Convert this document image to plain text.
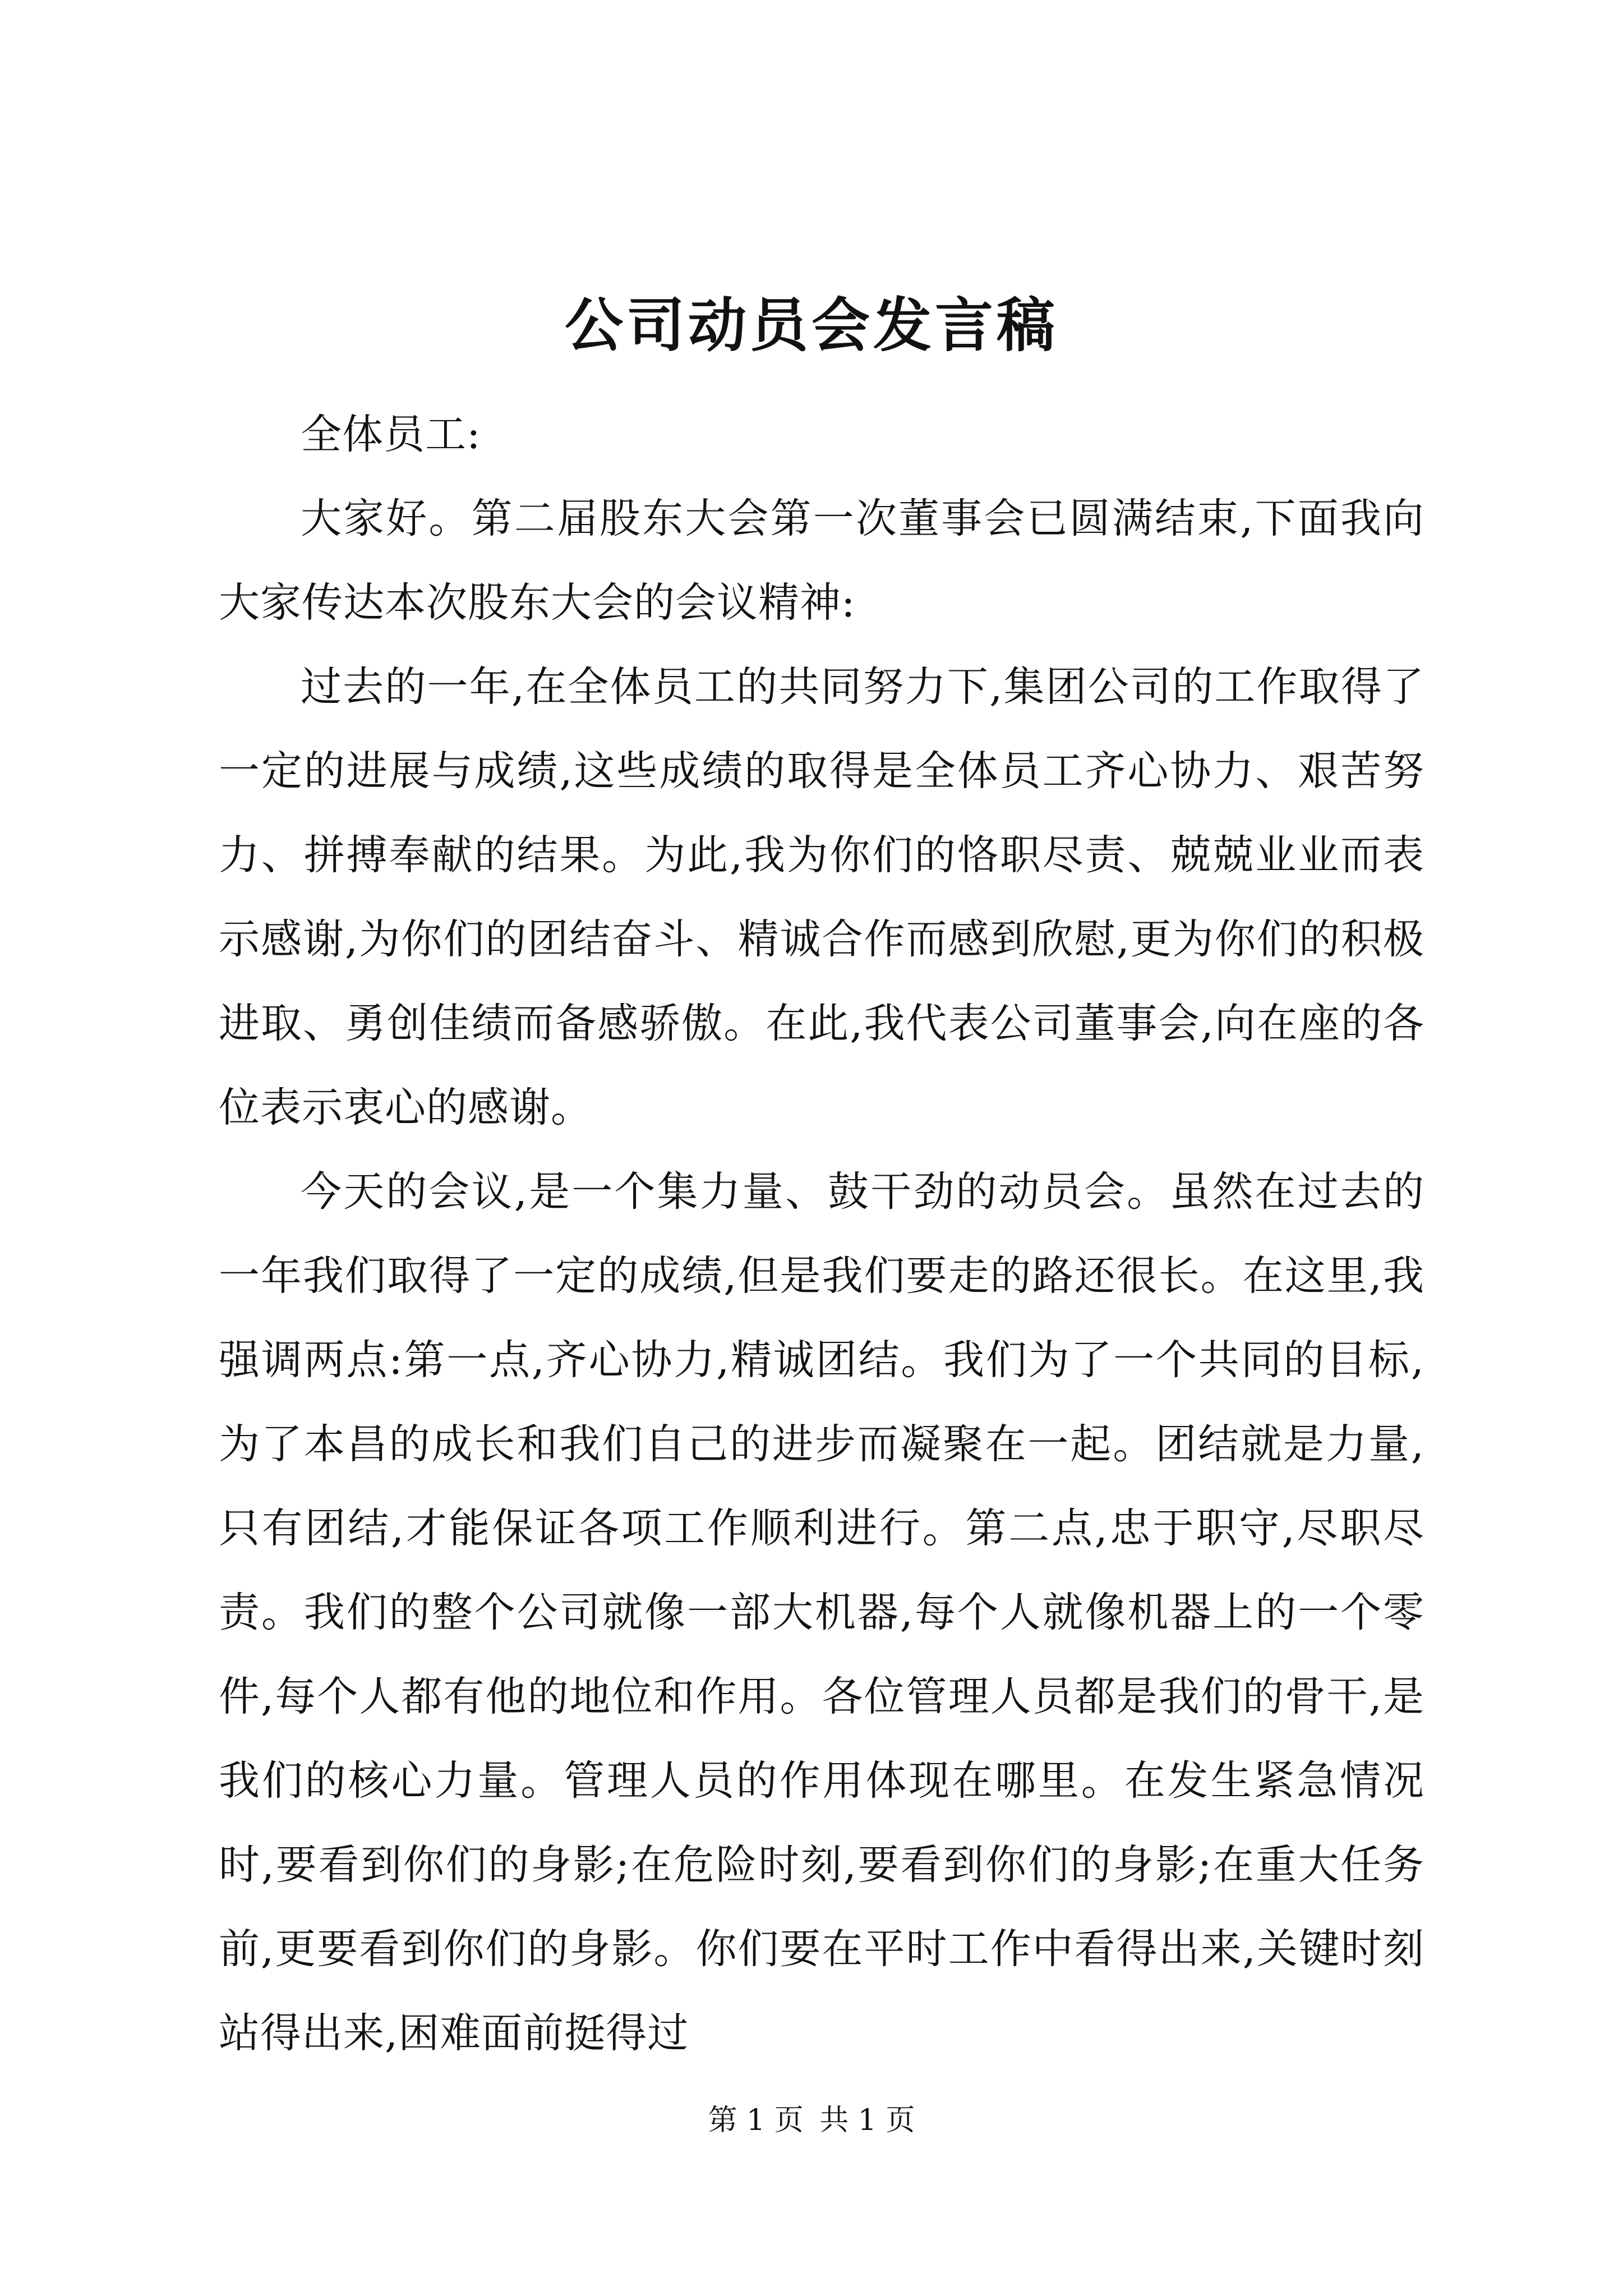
公司动员会发言稿

全体员工:

大家好。第二届股东大会第一次董事会已圆满结束,下面我向大家传达本次股东大会的会议精神:

过去的一年,在全体员工的共同努力下,集团公司的工作取得了一定的进展与成绩,这些成绩的取得是全体员工齐心协力、艰苦努力、拼搏奉献的结果。为此,我为你们的恪职尽责、兢兢业业而表示感谢,为你们的团结奋斗、精诚合作而感到欣慰,更为你们的积极进取、勇创佳绩而备感骄傲。在此,我代表公司董事会,向在座的各位表示衷心的感谢。

今天的会议,是一个集力量、鼓干劲的动员会。虽然在过去的一年我们取得了一定的成绩,但是我们要走的路还很长。在这里,我强调两点:第一点,齐心协力,精诚团结。我们为了一个共同的目标,为了本昌的成长和我们自己的进步而凝聚在一起。团结就是力量,只有团结,才能保证各项工作顺利进行。第二点,忠于职守,尽职尽责。我们的整个公司就像一部大机器,每个人就像机器上的一个零件,每个人都有他的地位和作用。各位管理人员都是我们的骨干,是我们的核心力量。管理人员的作用体现在哪里。在发生紧急情况时,要看到你们的身影;在危险时刻,要看到你们的身影;在重大任务前,更要看到你们的身影。你们要在平时工作中看得出来,关键时刻站得出来,困难面前挺得过

第 1 页 共 1 页
